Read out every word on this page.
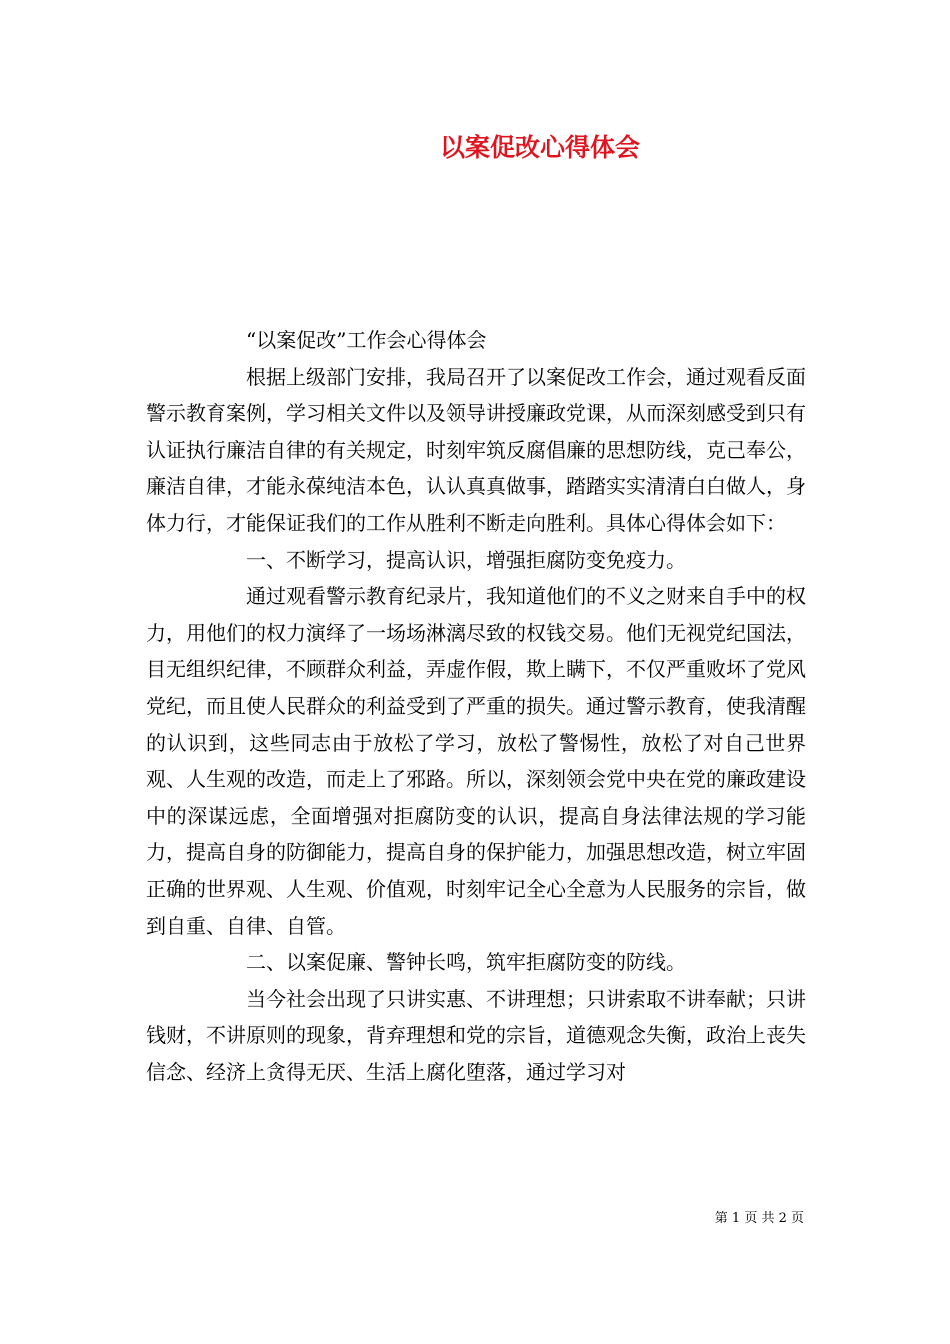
以案促改心得体会

“以案促改”工作会心得体会

根据上级部门安排，我局召开了以案促改工作会，通过观看反面警示教育案例，学习相关文件以及领导讲授廉政党课，从而深刻感受到只有认证执行廉洁自律的有关规定，时刻牢筑反腐倡廉的思想防线，克己奉公，廉洁自律，才能永葆纯洁本色，认认真真做事，踏踏实实清清白白做人，身体力行，才能保证我们的工作从胜利不断走向胜利。具体心得体会如下：

一、不断学习，提高认识，增强拒腐防变免疫力。

通过观看警示教育纪录片，我知道他们的不义之财来自手中的权力，用他们的权力演绎了一场场淋漓尽致的权钱交易。他们无视党纪国法，目无组织纪律，不顾群众利益，弄虚作假，欺上瞒下，不仅严重败坏了党风党纪，而且使人民群众的利益受到了严重的损失。通过警示教育，使我清醒的认识到，这些同志由于放松了学习，放松了警惕性，放松了对自己世界观、人生观的改造，而走上了邪路。所以，深刻领会党中央在党的廉政建设中的深谋远虑，全面增强对拒腐防变的认识，提高自身法律法规的学习能力，提高自身的防御能力，提高自身的保护能力，加强思想改造，树立牢固正确的世界观、人生观、价值观，时刻牢记全心全意为人民服务的宗旨，做到自重、自律、自管。

二、以案促廉、警钟长鸣，筑牢拒腐防变的防线。

当今社会出现了只讲实惠、不讲理想；只讲索取不讲奉献；只讲钱财，不讲原则的现象，背弃理想和党的宗旨，道德观念失衡，政治上丧失信念、经济上贪得无厌、生活上腐化堕落，通过学习对

第 1 页 共 2 页
